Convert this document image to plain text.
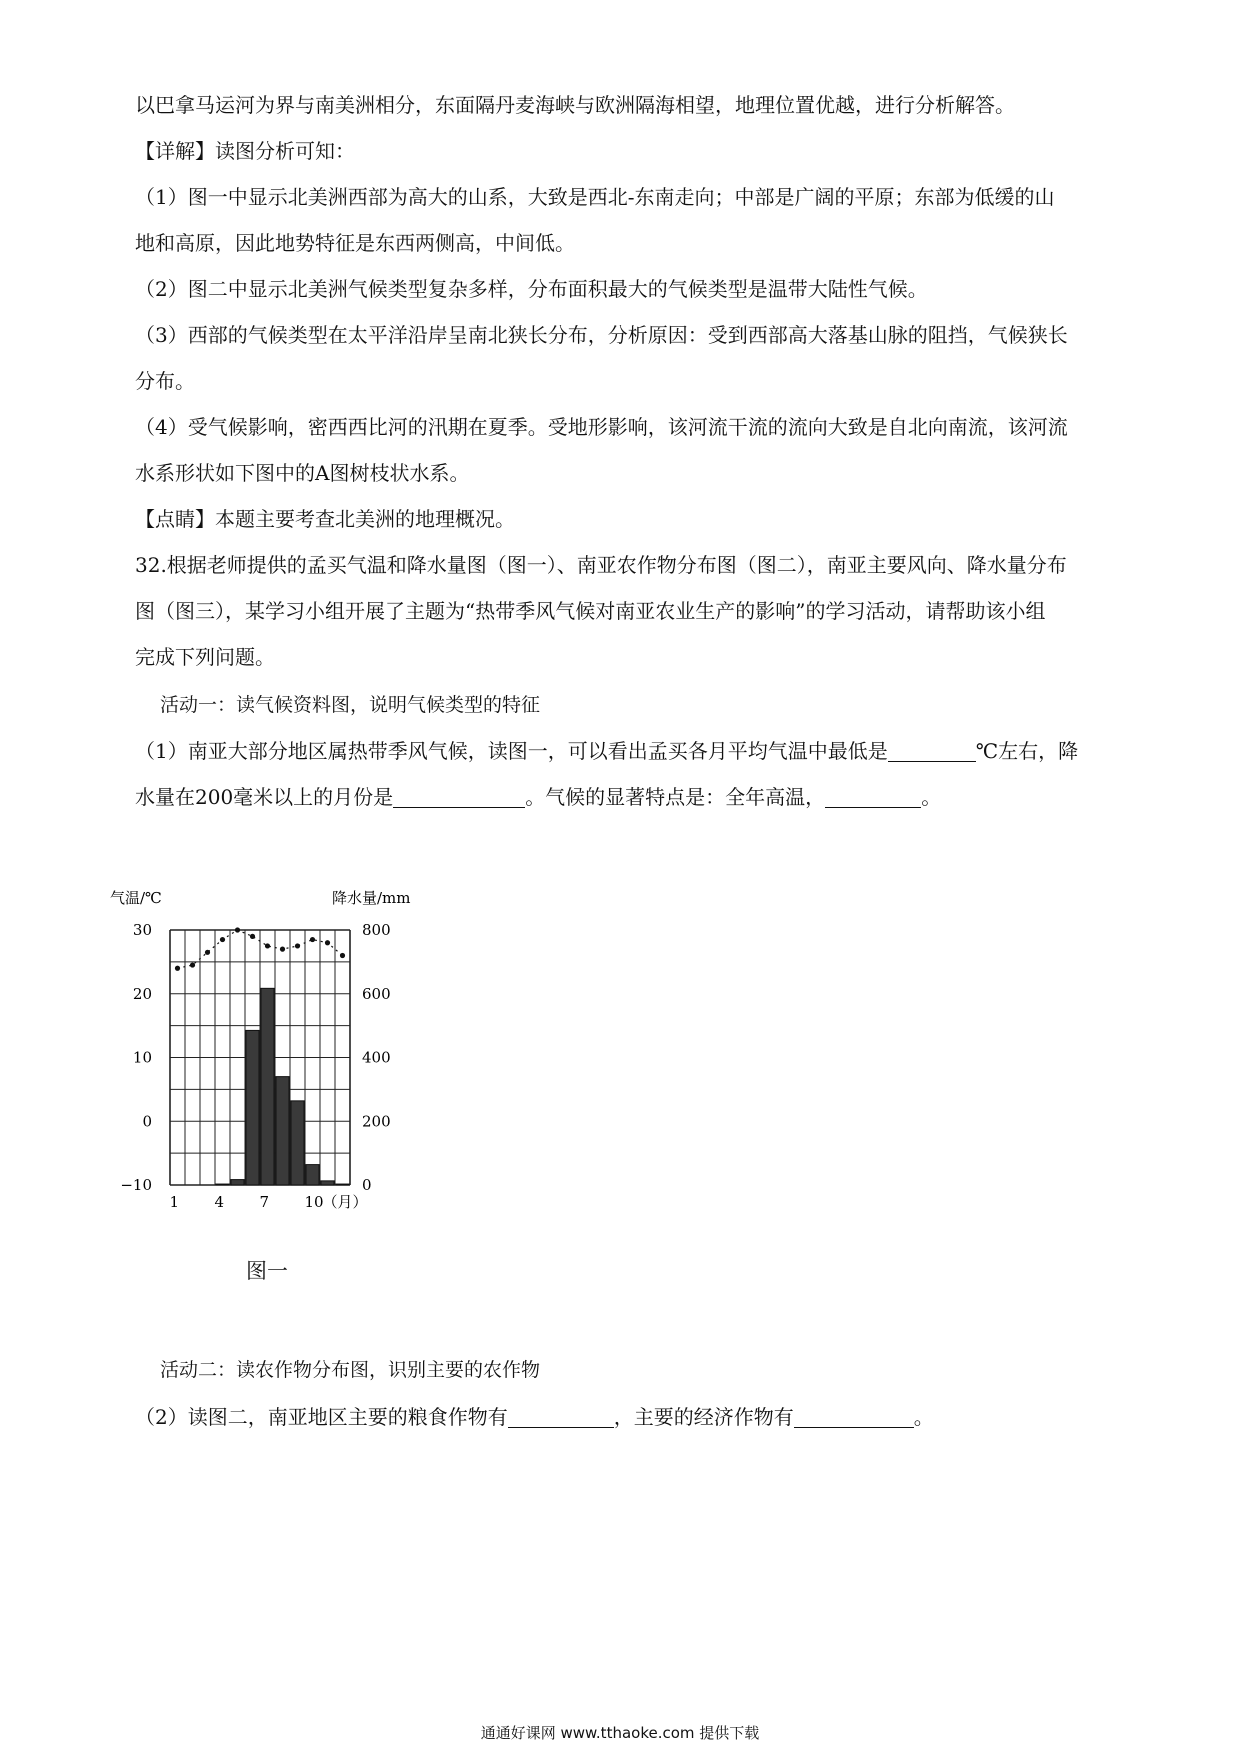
以巴拿马运河为界与南美洲相分，东面隔丹麦海峡与欧洲隔海相望，地理位置优越，进行分析解答。
【详解】读图分析可知：
（1）图一中显示北美洲西部为高大的山系，大致是西北-东南走向；中部是广阔的平原；东部为低缓的山
地和高原，因此地势特征是东西两侧高，中间低。
（2）图二中显示北美洲气候类型复杂多样，分布面积最大的气候类型是温带大陆性气候。
（3）西部的气候类型在太平洋沿岸呈南北狭长分布，分析原因：受到西部高大落基山脉的阻挡，气候狭长
分布。
（4）受气候影响，密西西比河的汛期在夏季。受地形影响，该河流干流的流向大致是自北向南流，该河流
水系形状如下图中的A图树枝状水系。
【点睛】本题主要考查北美洲的地理概况。
32.根据老师提供的孟买气温和降水量图（图一）、南亚农作物分布图（图二），南亚主要风向、降水量分布
图（图三），某学习小组开展了主题为“热带季风气候对南亚农业生产的影响”的学习活动，请帮助该小组
完成下列问题。
活动一：读气候资料图，说明气候类型的特征
（1）南亚大部分地区属热带季风气候，读图一，可以看出孟买各月平均气温中最低是	℃左右，降
水量在200毫米以上的月份是	。气候的显著特点是：全年高温，	。
气温/℃	降水量/mm
30
20
10
0
−10
800
600
400
200
0
1 4 7 10
（月）
图一
活动二：读农作物分布图，识别主要的农作物
（2）读图二，南亚地区主要的粮食作物有	，主要的经济作物有	。
通通好课网 www.tthaoke.com 提供下载
